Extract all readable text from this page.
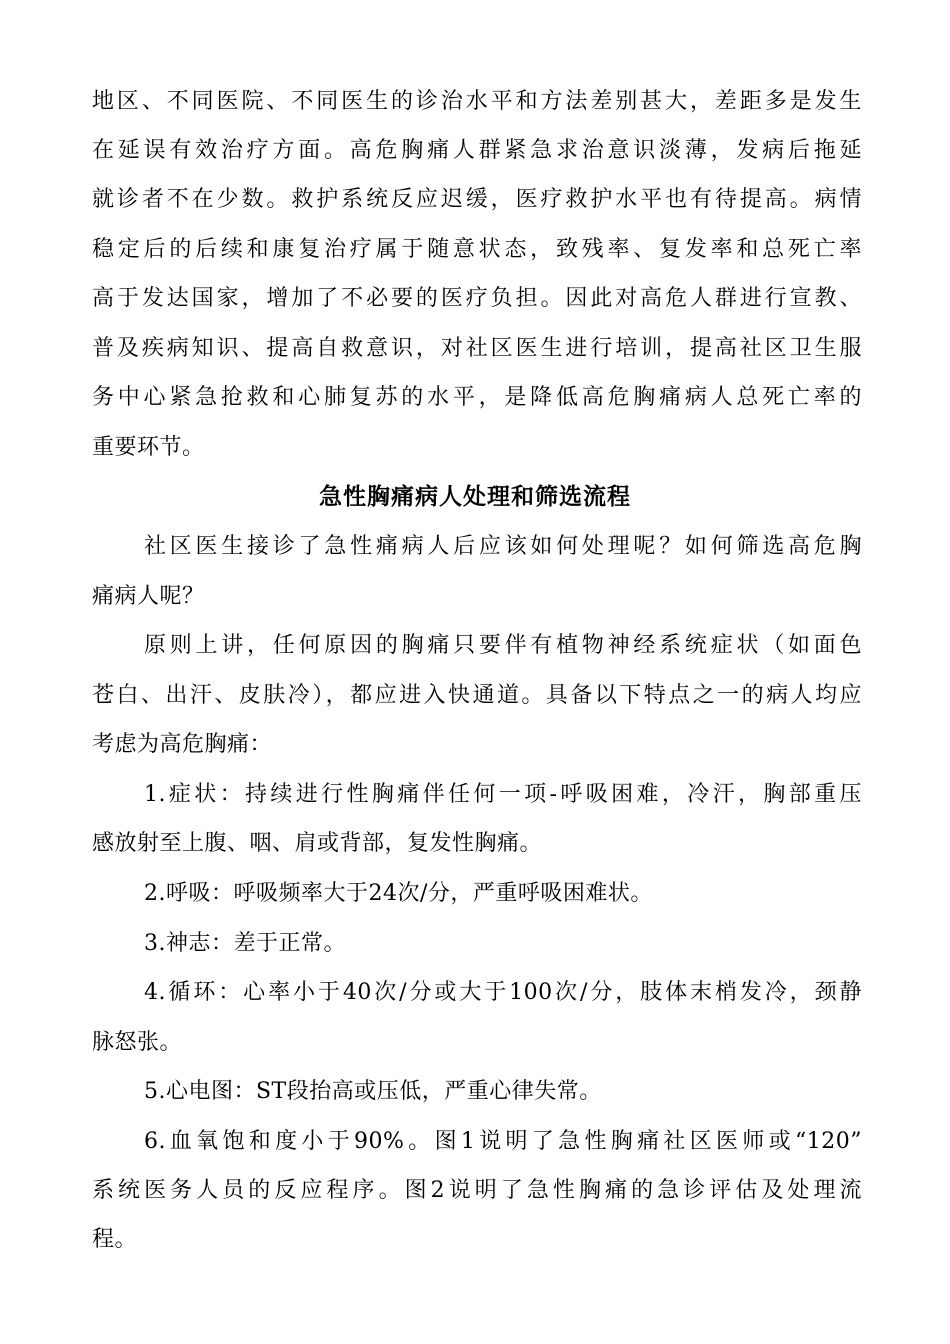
地区、不同医院、不同医生的诊治水平和方法差别甚大，差距多是发生
在延误有效治疗方面。高危胸痛人群紧急求治意识淡薄，发病后拖延
就诊者不在少数。救护系统反应迟缓，医疗救护水平也有待提高。病情
稳定后的后续和康复治疗属于随意状态，致残率、复发率和总死亡率
高于发达国家，增加了不必要的医疗负担。因此对高危人群进行宣教、
普及疾病知识、提高自救意识，对社区医生进行培训，提高社区卫生服
务中心紧急抢救和心肺复苏的水平，是降低高危胸痛病人总死亡率的
重要环节。
急性胸痛病人处理和筛选流程
社区医生接诊了急性痛病人后应该如何处理呢？如何筛选高危胸
痛病人呢？
原则上讲，任何原因的胸痛只要伴有植物神经系统症状（如面色
苍白、出汗、皮肤冷），都应进入快通道。具备以下特点之一的病人均应
考虑为高危胸痛：
1.症状：持续进行性胸痛伴任何一项-呼吸困难，冷汗，胸部重压
感放射至上腹、咽、肩或背部，复发性胸痛。
2.呼吸：呼吸频率大于24次/分，严重呼吸困难状。
3.神志：差于正常。
4.循环：心率小于40次/分或大于100次/分，肢体末梢发冷，颈静
脉怒张。
5.心电图：ST段抬高或压低，严重心律失常。
6.血氧饱和度小于90%。图1说明了急性胸痛社区医师或“120”
系统医务人员的反应程序。图2说明了急性胸痛的急诊评估及处理流
程。
